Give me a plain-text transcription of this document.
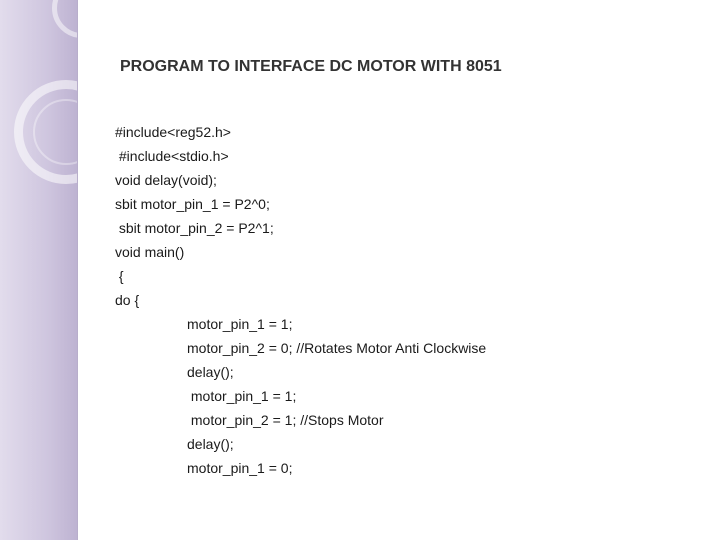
PROGRAM TO INTERFACE DC MOTOR WITH 8051
#include<reg52.h>
#include<stdio.h>
void delay(void);
sbit motor_pin_1 = P2^0;
sbit motor_pin_2 = P2^1;
void main()
{
do {
motor_pin_1 = 1;
motor_pin_2 = 0; //Rotates Motor Anti Clockwise
delay();
motor_pin_1 = 1;
motor_pin_2 = 1; //Stops Motor
delay();
motor_pin_1 = 0;
